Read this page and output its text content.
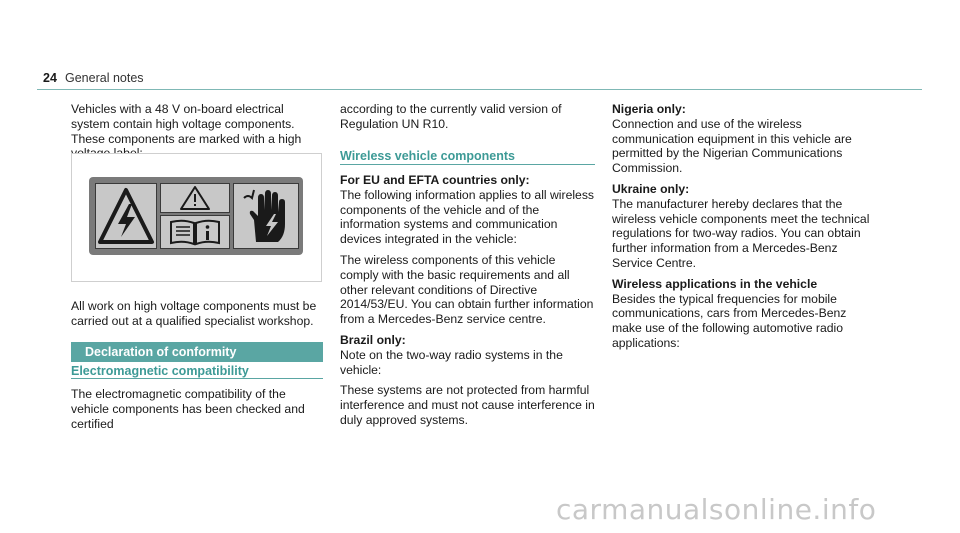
24 General notes

Vehicles with a 48 V on-board electrical system contain high voltage components. These components are marked with a high

All work on high voltage components must be carried out at a qualified specialist workshop.

Declaration of conformity
Electromagnetic compatibility

The electromagnetic compatibility of the vehicle components has been checked and certified

according to the currently valid version of Regulation UN R10.

Wireless vehicle components

For EU and EFTA countries only:

The following information applies to all wireless components of the vehicle and of the information systems and communication devices integrated in the vehicle:

The wireless components of this vehicle comply with the basic requirements and all other relevant conditions of Directive 2014/53/EU. You can obtain further information from a Mercedes-Benz service centre.

Brazil only:

Note on the two-way radio systems in the vehicle:

These systems are not protected from harmful interference and must not cause interference in duly approved systems.

Nigeria only:

Connection and use of the wireless communication equipment in this vehicle are permitted by the Nigerian Communications Commission.

Ukraine only:

The manufacturer hereby declares that the wireless vehicle components meet the technical regulations for two-way radios. You can obtain further information from a Mercedes-Benz Service Centre.

Wireless applications in the vehicle

Besides the typical frequencies for mobile communications, cars from Mercedes-Benz make use of the following automotive radio applications:

carmanualsonline.info
